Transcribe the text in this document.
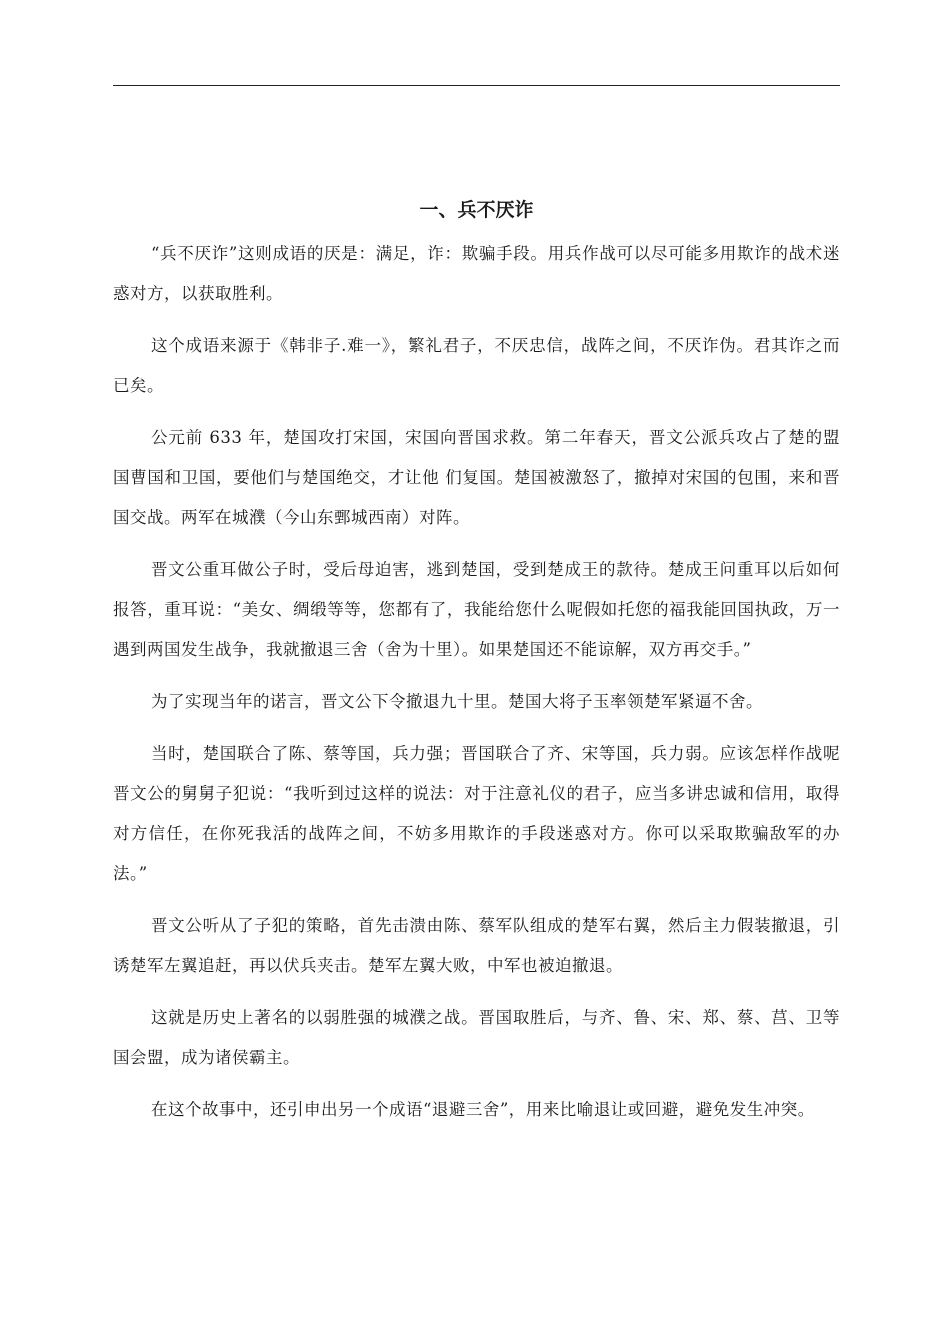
一、兵不厌诈

“兵不厌诈”这则成语的厌是：满足，诈：欺骗手段。用兵作战可以尽可能多用欺诈的战术迷惑对方，以获取胜利。

这个成语来源于《韩非子.难一》，繁礼君子，不厌忠信，战阵之间，不厌诈伪。君其诈之而已矣。

公元前 633 年，楚国攻打宋国，宋国向晋国求救。第二年春天，晋文公派兵攻占了楚的盟国曹国和卫国，要他们与楚国绝交，才让他 们复国。楚国被激怒了，撤掉对宋国的包围，来和晋国交战。两军在城濮（今山东鄄城西南）对阵。

晋文公重耳做公子时，受后母迫害，逃到楚国，受到楚成王的款待。楚成王问重耳以后如何报答，重耳说：“美女、绸缎等等，您都有了，我能给您什么呢假如托您的福我能回国执政，万一遇到两国发生战争，我就撤退三舍（舍为十里）。如果楚国还不能谅解，双方再交手。”

为了实现当年的诺言，晋文公下令撤退九十里。楚国大将子玉率领楚军紧逼不舍。

当时，楚国联合了陈、蔡等国，兵力强；晋国联合了齐、宋等国，兵力弱。应该怎样作战呢晋文公的舅舅子犯说：“我听到过这样的说法：对于注意礼仪的君子，应当多讲忠诚和信用，取得对方信任，在你死我活的战阵之间，不妨多用欺诈的手段迷惑对方。你可以采取欺骗敌军的办法。”

晋文公听从了子犯的策略，首先击溃由陈、蔡军队组成的楚军右翼，然后主力假装撤退，引诱楚军左翼追赶，再以伏兵夹击。楚军左翼大败，中军也被迫撤退。

这就是历史上著名的以弱胜强的城濮之战。晋国取胜后，与齐、鲁、宋、郑、蔡、莒、卫等国会盟，成为诸侯霸主。

在这个故事中，还引申出另一个成语“退避三舍”，用来比喻退让或回避，避免发生冲突。
